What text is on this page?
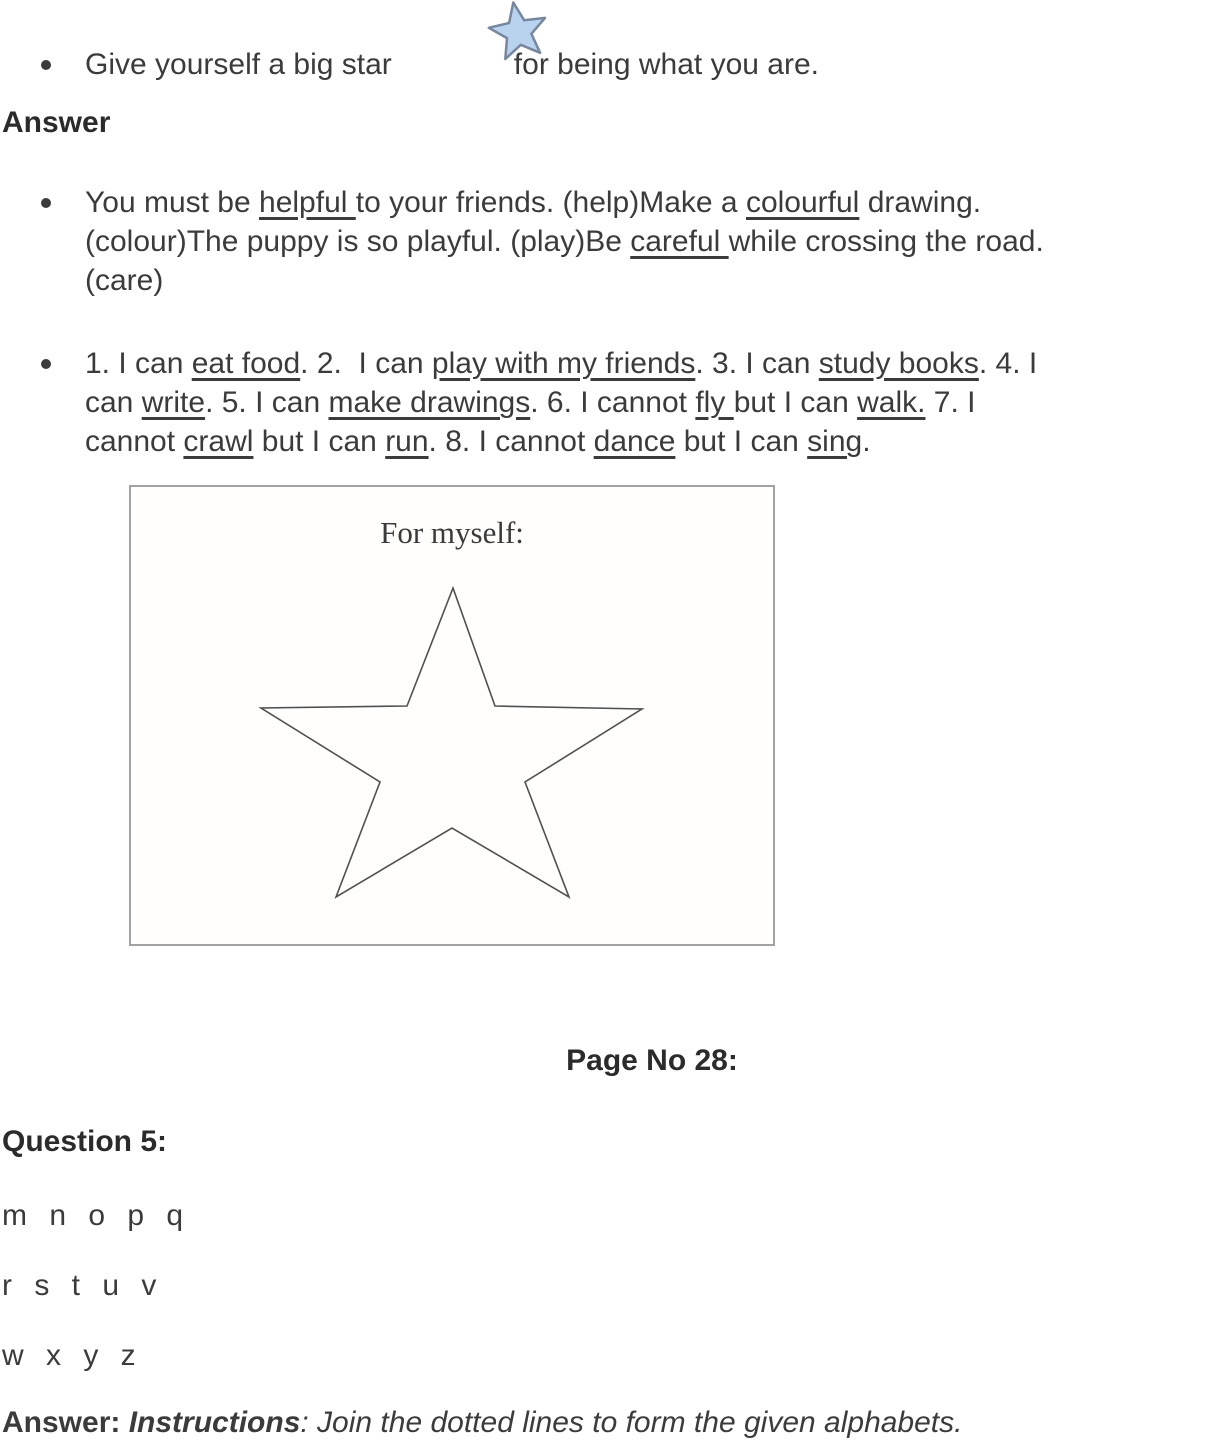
Give yourself a big star	for being what you are.
Answer
You must be helpful to your friends. (help)Make a colourful drawing.
(colour)The puppy is so playful. (play)Be careful while crossing the road.
(care)
1. I can eat food. 2.  I can play with my friends. 3. I can study books. 4. I
can write. 5. I can make drawings. 6. I cannot fly but I can walk. 7. I
cannot crawl but I can run. 8. I cannot dance but I can sing.
For myself:
Page No 28:
Question 5:
m n o p q
r s t u v
w x y z
Answer: Instructions: Join the dotted lines to form the given alphabets.
